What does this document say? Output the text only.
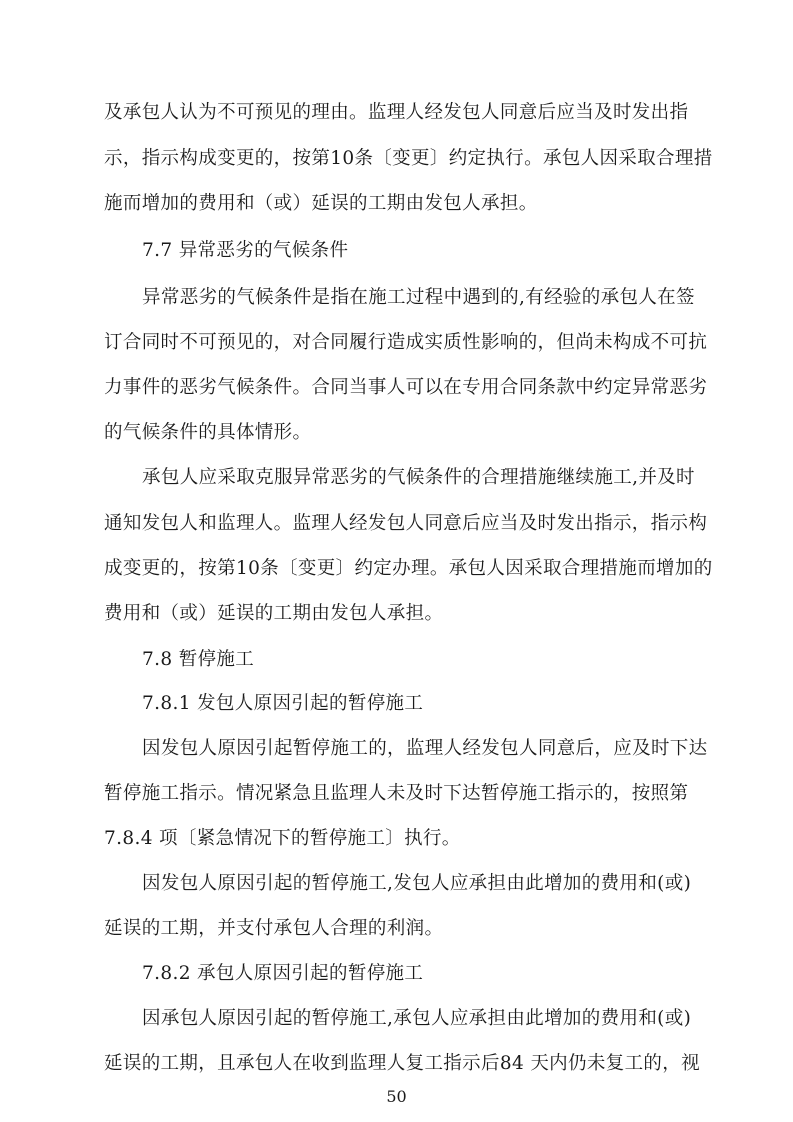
及承包人认为不可预见的理由。监理人经发包人同意后应当及时发出指
示，指示构成变更的，按第10条〔变更〕约定执行。承包人因采取合理措
施而增加的费用和（或）延误的工期由发包人承担。
7.7 异常恶劣的气候条件
异常恶劣的气候条件是指在施工过程中遇到的,有经验的承包人在签
订合同时不可预见的，对合同履行造成实质性影响的，但尚未构成不可抗
力事件的恶劣气候条件。合同当事人可以在专用合同条款中约定异常恶劣
的气候条件的具体情形。
承包人应采取克服异常恶劣的气候条件的合理措施继续施工,并及时
通知发包人和监理人。监理人经发包人同意后应当及时发出指示，指示构
成变更的，按第10条〔变更〕约定办理。承包人因采取合理措施而增加的
费用和（或）延误的工期由发包人承担。
7.8 暂停施工
7.8.1 发包人原因引起的暂停施工
因发包人原因引起暂停施工的，监理人经发包人同意后，应及时下达
暂停施工指示。情况紧急且监理人未及时下达暂停施工指示的，按照第
7.8.4 项〔紧急情况下的暂停施工〕执行。
因发包人原因引起的暂停施工,发包人应承担由此增加的费用和(或)
延误的工期，并支付承包人合理的利润。
7.8.2 承包人原因引起的暂停施工
因承包人原因引起的暂停施工,承包人应承担由此增加的费用和(或)
延误的工期，且承包人在收到监理人复工指示后84 天内仍未复工的，视
50
